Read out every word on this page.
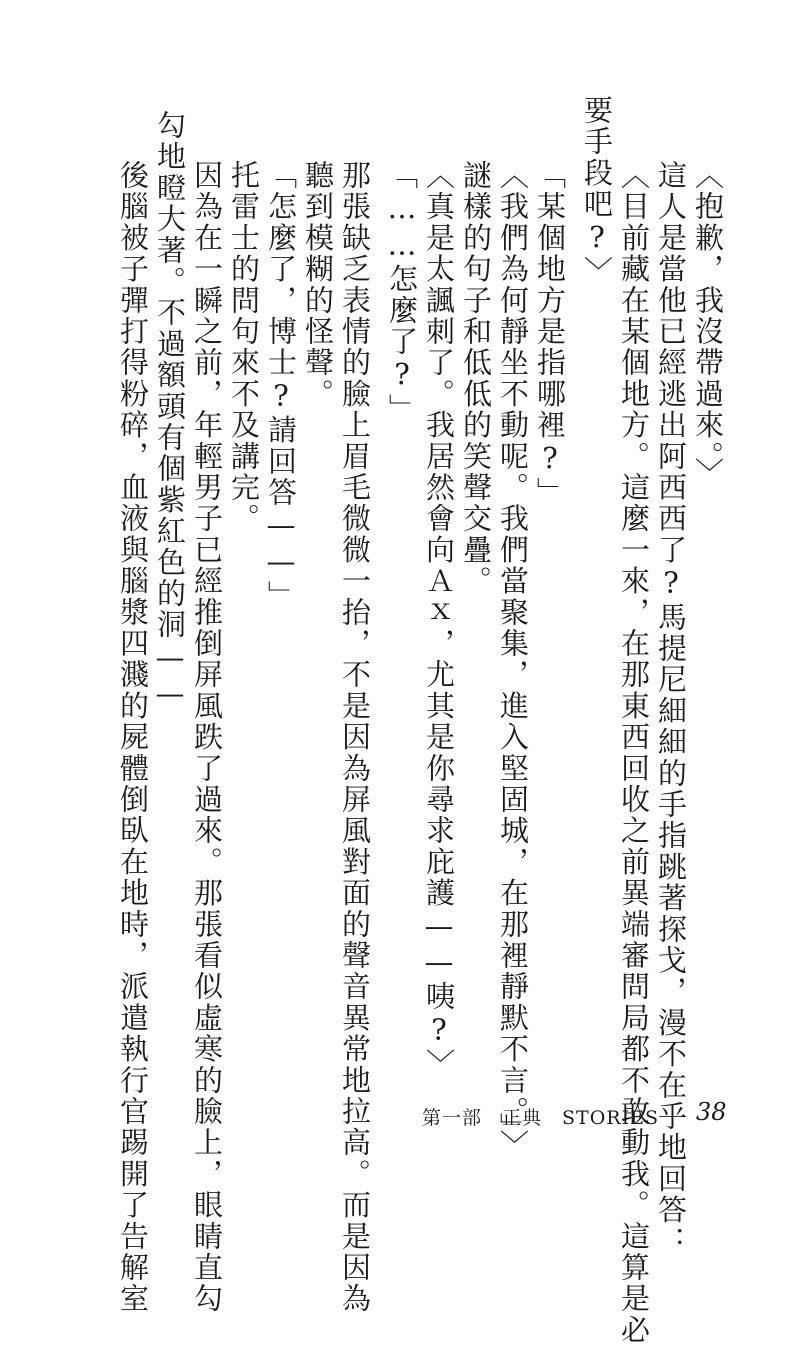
〈抱歉，我沒帶過來。〉

這人是當他已經逃出阿西西了?馬提尼細細的手指跳著探戈，漫不在乎地回答：

〈目前藏在某個地方。這麼一來，在那東西回收之前異端審問局都不敢動我。這算是必

要手段吧?〉

「某個地方是指哪裡?」

〈我們為何靜坐不動呢。我們當聚集，進入堅固城，在那裡靜默不言。」〉

謎樣的句子和低低的笑聲交疊。

〈真是太諷刺了。我居然會向Ａｘ，尤其是你尋求庇護——咦?〉

「……怎麼了?」

那張缺乏表情的臉上眉毛微微一抬，不是因為屏風對面的聲音異常地拉高。而是因為

聽到模糊的怪聲。

「怎麼了，博士?請回答——」

托雷士的問句來不及講完。

因為在一瞬之前，年輕男子已經推倒屏風跌了過來。那張看似虛寒的臉上，眼睛直勾

勾地瞪大著。不過額頭有個紫紅色的洞——

後腦被子彈打得粉碎，血液與腦漿四濺的屍體倒臥在地時，派遣執行官踢開了告解室	第一部　正典　STORIES 38
